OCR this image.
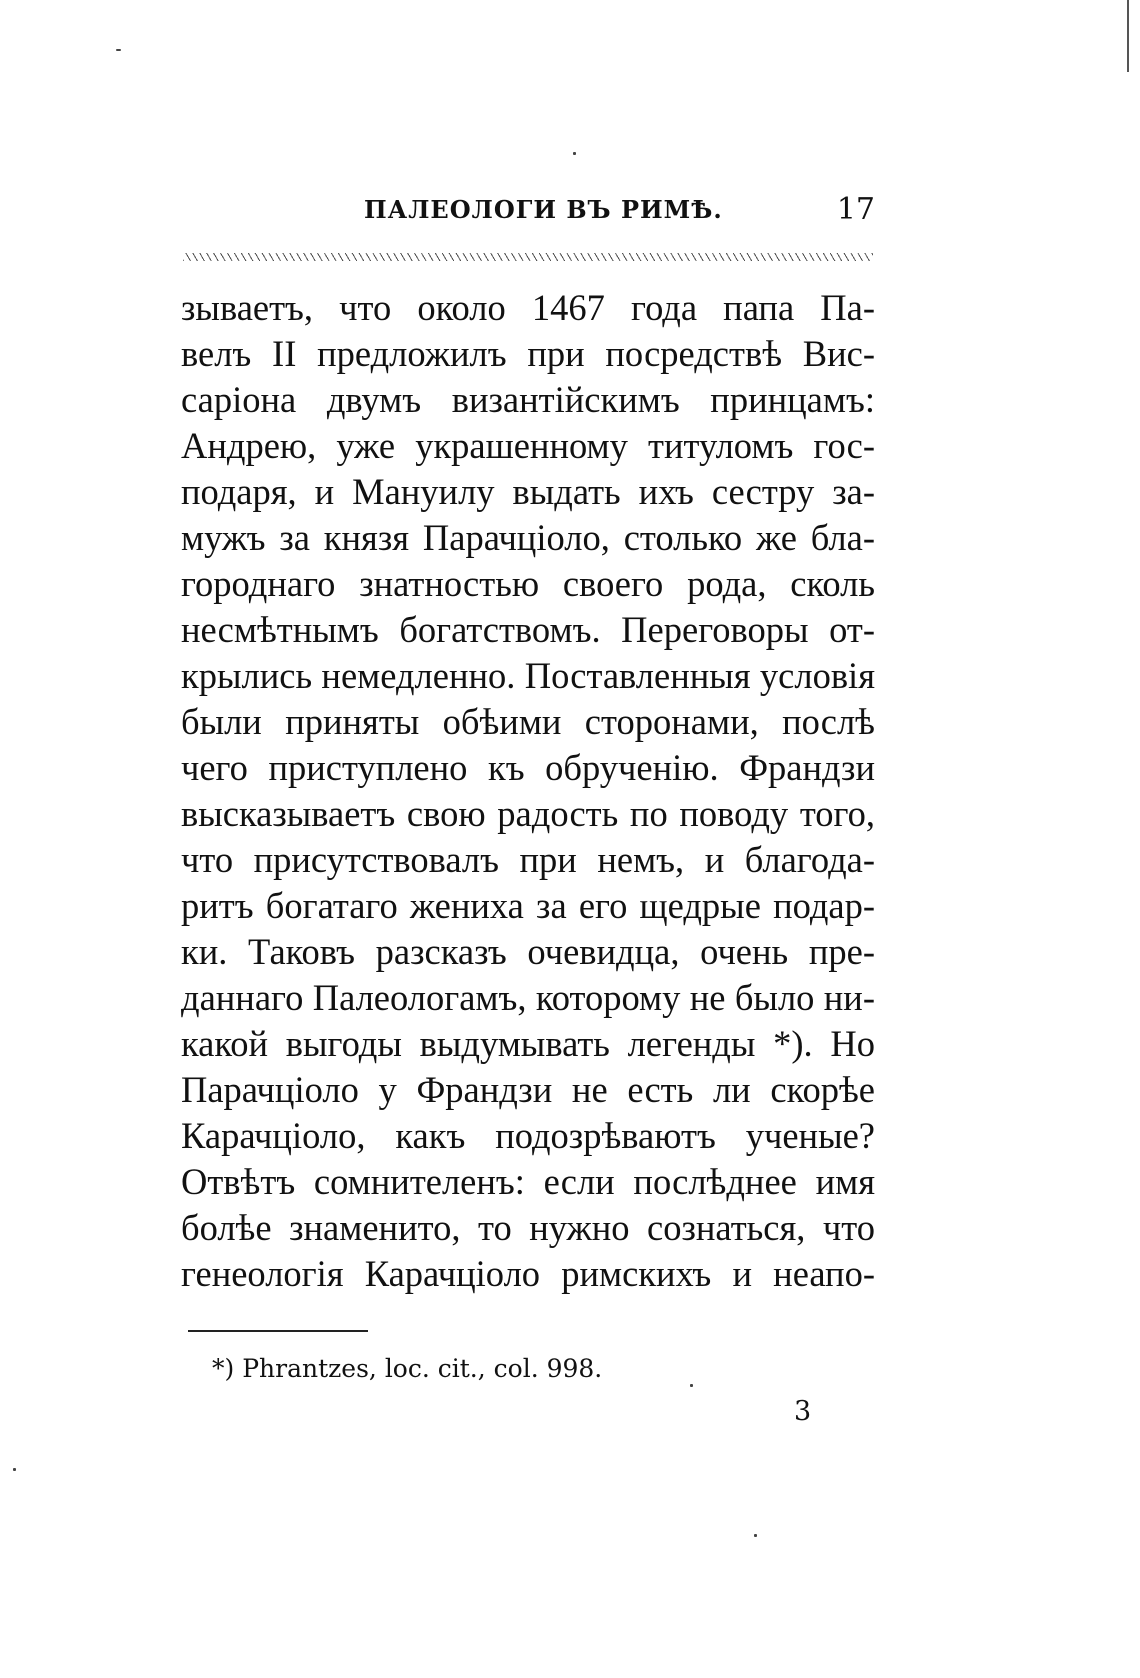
ПАЛЕОЛОГИ ВЪ РИМѢ.	17
зываетъ, что около 1467 года папа Па-
велъ II предложилъ при посредствѣ Вис-
саріона двумъ византійскимъ принцамъ:
Андрею, уже украшенному титуломъ гос-
подаря, и Мануилу выдать ихъ сестру за-
мужъ за князя Парачціоло, столько же бла-
городнаго знатностью своего рода, сколь
несмѣтнымъ богатствомъ. Переговоры от-
крылись немедленно. Поставленныя условія
были приняты обѣими сторонами, послѣ
чего приступлено къ обрученію. Франдзи
высказываетъ свою радость по поводу того,
что присутствовалъ при немъ, и благода-
ритъ богатаго жениха за его щедрые подар-
ки. Таковъ разсказъ очевидца, очень пре-
даннаго Палеологамъ, которому не было ни-
какой выгоды выдумывать легенды *). Но
Парачціоло у Франдзи не есть ли скорѣе
Карачціоло, какъ подозрѣваютъ ученые?
Отвѣтъ сомнителенъ: если послѣднее имя
болѣе знаменито, то нужно сознаться, что
генеологія Карачціоло римскихъ и неапо-
*) Phrantzes, loc. cit., col. 998.
3
